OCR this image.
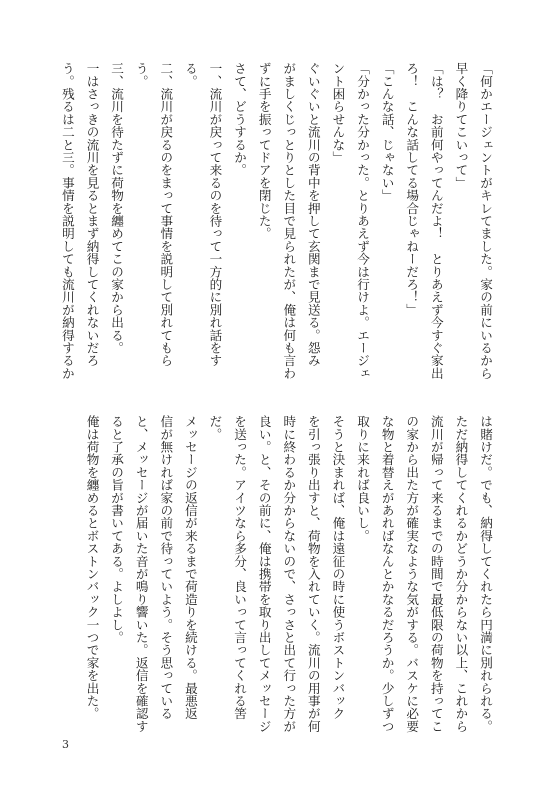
「何かエージェントがキレてました。家の前にいるから
早く降りてこいって」
「は？　お前何やってんだよ！　とりあえず今すぐ家出
ろ！　こんな話してる場合じゃねーだろ！」
「こんな話、じゃない」
「分かった分かった。とりあえず今は行けよ。エージェ
ント困らせんな」
ぐいぐいと流川の背中を押して玄関まで見送る。怨み
がましくじっとりとした目で見られたが、俺は何も言わ
ずに手を振ってドアを閉じた。
さて、どうするか。
一、流川が戻って来るのを待って一方的に別れ話をす
る。
二、流川が戻るのをまって事情を説明して別れてもら
う。
三、流川を待たずに荷物を纏めてこの家から出る。
一はさっきの流川を見るとまず納得してくれないだろ
う。残るは二と三。事情を説明しても流川が納得するか
は賭けだ。でも、納得してくれたら円満に別れられる。
ただ納得してくれるかどうか分からない以上、これから
流川が帰って来るまでの時間で最低限の荷物を持ってこ
の家から出た方が確実なような気がする。バスケに必要
な物と着替えがあればなんとかなるだろうか。少しずつ
取りに来れば良いし。
そうと決まれば、俺は遠征の時に使うボストンバック
を引っ張り出すと、荷物を入れていく。流川の用事が何
時に終わるか分からないので、さっさと出て行った方が
良い。と、その前に、俺は携帯を取り出してメッセージ
を送った。アイツなら多分、良いって言ってくれる筈
だ。
メッセージの返信が来るまで荷造りを続ける。最悪返
信が無ければ家の前で待っていよう。そう思っている
と、メッセージが届いた音が鳴り響いた。返信を確認す
ると了承の旨が書いてある。よしよし。
俺は荷物を纏めるとボストンバック一つで家を出た。
3
